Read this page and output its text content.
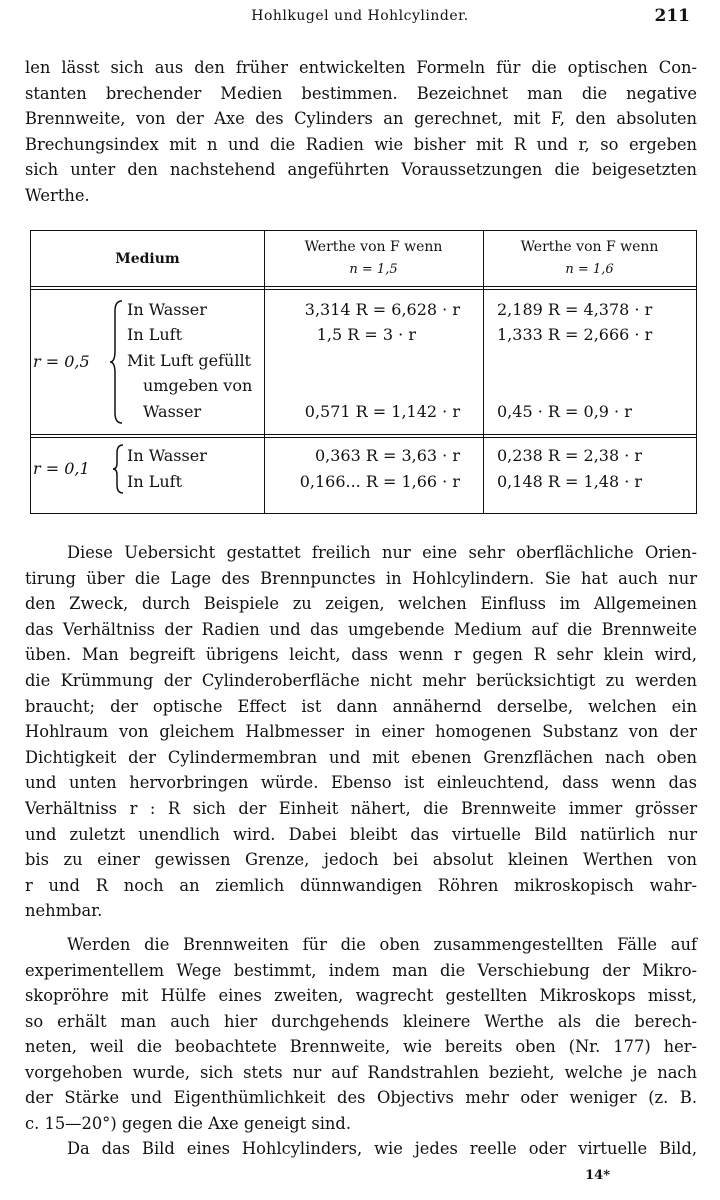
Hohlkugel und Hohlcylinder.	211
len lässt sich aus den früher entwickelten Formeln für die optischen Con-
stanten brechender Medien bestimmen. Bezeichnet man die negative
Brennweite, von der Axe des Cylinders an gerechnet, mit F, den absoluten
Brechungsindex mit n und die Radien wie bisher mit R und r, so ergeben
sich unter den nachstehend angeführten Voraussetzungen die beigesetzten
Werthe.
Medium
Werthe von F wenn
n = 1,5
Werthe von F wenn
n = 1,6
r = 0,5
In Wasser
In Luft
Mit Luft gefüllt
umgeben von
Wasser
3,314 R = 6,628 · r
1,5 R = 3 · r
0,571 R = 1,142 · r
2,189 R = 4,378 · r
1,333 R = 2,666 · r
0,45 · R = 0,9 · r
r = 0,1
In Wasser
In Luft
0,363 R = 3,63 · r
0,166... R = 1,66 · r
0,238 R = 2,38 · r
0,148 R = 1,48 · r
Diese Uebersicht gestattet freilich nur eine sehr oberflächliche Orien-
tirung über die Lage des Brennpunctes in Hohlcylindern. Sie hat auch nur
den Zweck, durch Beispiele zu zeigen, welchen Einfluss im Allgemeinen
das Verhältniss der Radien und das umgebende Medium auf die Brennweite
üben. Man begreift übrigens leicht, dass wenn r gegen R sehr klein wird,
die Krümmung der Cylinderoberfläche nicht mehr berücksichtigt zu werden
braucht; der optische Effect ist dann annähernd derselbe, welchen ein
Hohlraum von gleichem Halbmesser in einer homogenen Substanz von der
Dichtigkeit der Cylindermembran und mit ebenen Grenzflächen nach oben
und unten hervorbringen würde. Ebenso ist einleuchtend, dass wenn das
Verhältniss r : R sich der Einheit nähert, die Brennweite immer grösser
und zuletzt unendlich wird. Dabei bleibt das virtuelle Bild natürlich nur
bis zu einer gewissen Grenze, jedoch bei absolut kleinen Werthen von
r und R noch an ziemlich dünnwandigen Röhren mikroskopisch wahr-
nehmbar.
Werden die Brennweiten für die oben zusammengestellten Fälle auf
experimentellem Wege bestimmt, indem man die Verschiebung der Mikro-
skopröhre mit Hülfe eines zweiten, wagrecht gestellten Mikroskops misst,
so erhält man auch hier durchgehends kleinere Werthe als die berech-
neten, weil die beobachtete Brennweite, wie bereits oben (Nr. 177) her-
vorgehoben wurde, sich stets nur auf Randstrahlen bezieht, welche je nach
der Stärke und Eigenthümlichkeit des Objectivs mehr oder weniger (z. B.
c. 15—20°) gegen die Axe geneigt sind.
Da das Bild eines Hohlcylinders, wie jedes reelle oder virtuelle Bild,
14*
